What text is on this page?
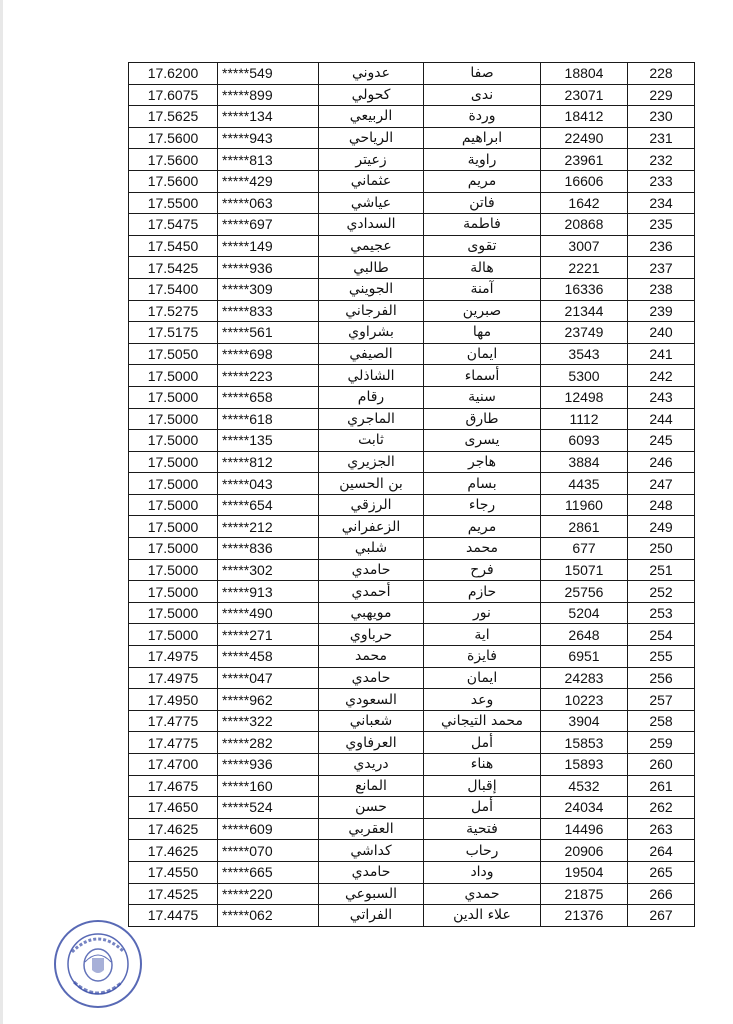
17.6200	*****549	عدوني	صفا	18804	228
17.6075	*****899	كحولي	ندى	23071	229
17.5625	*****134	الربيعي	وردة	18412	230
17.5600	*****943	الرياحي	ابراهيم	22490	231
17.5600	*****813	زعيتر	راوية	23961	232
17.5600	*****429	عثماني	مريم	16606	233
17.5500	*****063	عياشي	فاتن	1642	234
17.5475	*****697	السدادي	فاطمة	20868	235
17.5450	*****149	عجيمي	تقوى	3007	236
17.5425	*****936	طالبي	هالة	2221	237
17.5400	*****309	الجويني	آمنة	16336	238
17.5275	*****833	الفرجاني	صبرين	21344	239
17.5175	*****561	بشراوي	مها	23749	240
17.5050	*****698	الصيفي	ايمان	3543	241
17.5000	*****223	الشاذلي	أسماء	5300	242
17.5000	*****658	رقام	سنية	12498	243
17.5000	*****618	الماجري	طارق	1112	244
17.5000	*****135	ثابت	يسرى	6093	245
17.5000	*****812	الجزيري	هاجر	3884	246
17.5000	*****043	بن الحسين	بسام	4435	247
17.5000	*****654	الرزقي	رجاء	11960	248
17.5000	*****212	الزعفراني	مريم	2861	249
17.5000	*****836	شلبي	محمد	677	250
17.5000	*****302	حامدي	فرح	15071	251
17.5000	*****913	أحمدي	حازم	25756	252
17.5000	*****490	مويهبي	نور	5204	253
17.5000	*****271	حرباوي	اية	2648	254
17.4975	*****458	محمد	فايزة	6951	255
17.4975	*****047	حامدي	ايمان	24283	256
17.4950	*****962	السعودي	وعد	10223	257
17.4775	*****322	شعباني	محمد التيجاني	3904	258
17.4775	*****282	العرفاوي	أمل	15853	259
17.4700	*****936	دريدي	هناء	15893	260
17.4675	*****160	المانع	إقبال	4532	261
17.4650	*****524	حسن	أمل	24034	262
17.4625	*****609	العقربي	فتحية	14496	263
17.4625	*****070	كداشي	رحاب	20906	264
17.4550	*****665	حامدي	وداد	19504	265
17.4525	*****220	السبوعي	حمدي	21875	266
17.4475	*****062	الفراتي	علاء الدين	21376	267
